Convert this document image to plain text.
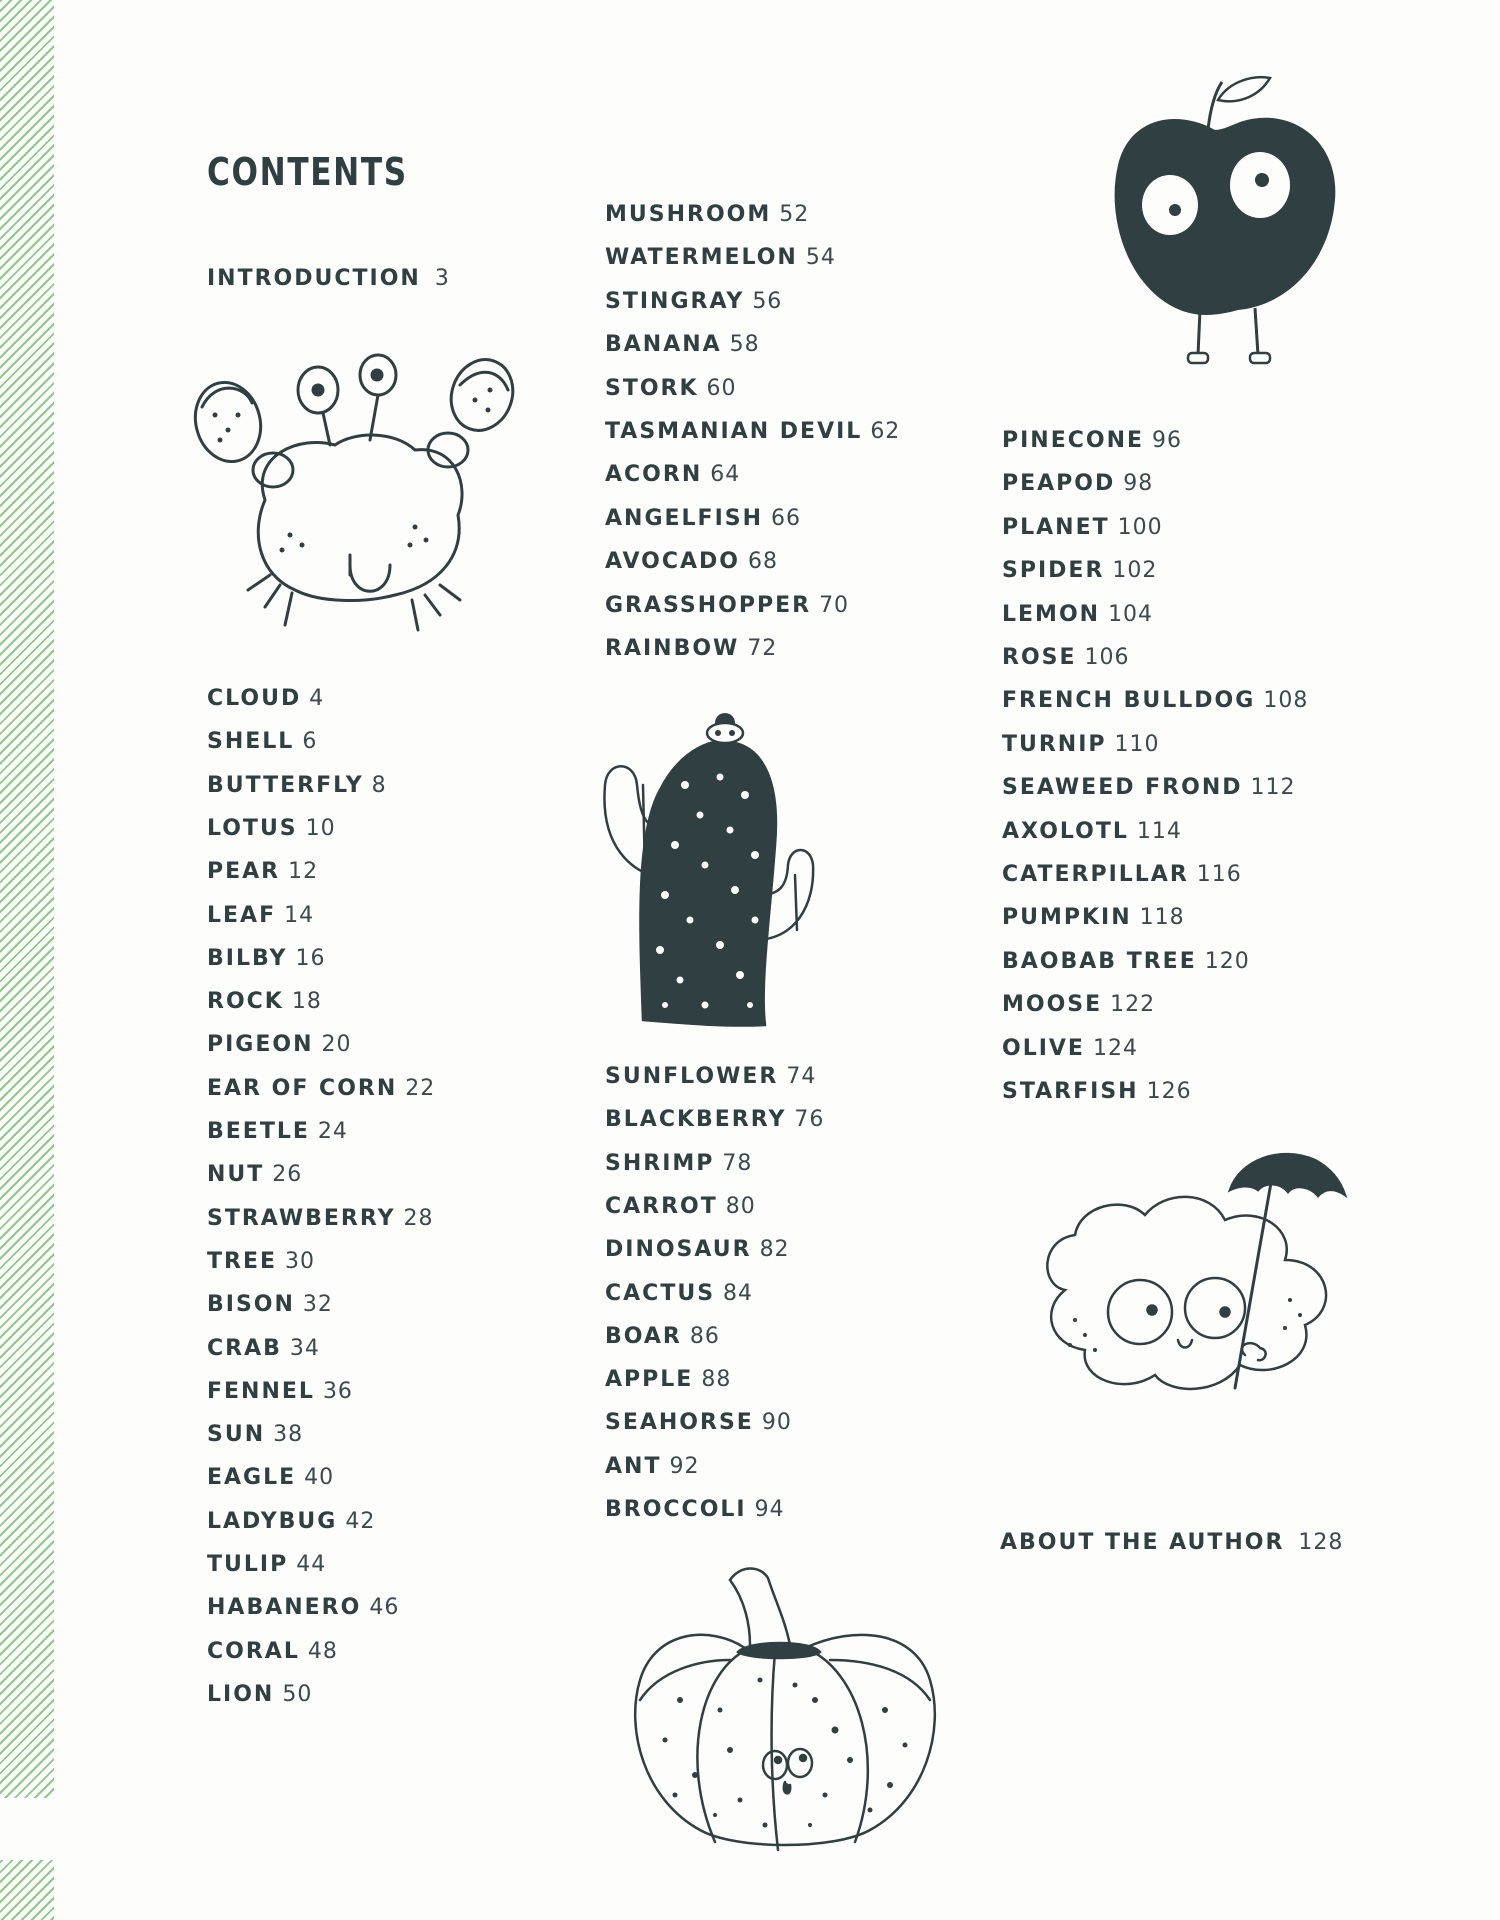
CONTENTS
INTRODUCTION 3
CLOUD 4
SHELL 6
BUTTERFLY 8
LOTUS 10
PEAR 12
LEAF 14
BILBY 16
ROCK 18
PIGEON 20
EAR OF CORN 22
BEETLE 24
NUT 26
STRAWBERRY 28
TREE 30
BISON 32
CRAB 34
FENNEL 36
SUN 38
EAGLE 40
LADYBUG 42
TULIP 44
HABANERO 46
CORAL 48
LION 50
MUSHROOM 52
WATERMELON 54
STINGRAY 56
BANANA 58
STORK 60
TASMANIAN DEVIL 62
ACORN 64
ANGELFISH 66
AVOCADO 68
GRASSHOPPER 70
RAINBOW 72
SUNFLOWER 74
BLACKBERRY 76
SHRIMP 78
CARROT 80
DINOSAUR 82
CACTUS 84
BOAR 86
APPLE 88
SEAHORSE 90
ANT 92
BROCCOLI 94
PINECONE 96
PEAPOD 98
PLANET 100
SPIDER 102
LEMON 104
ROSE 106
FRENCH BULLDOG 108
TURNIP 110
SEAWEED FROND 112
AXOLOTL 114
CATERPILLAR 116
PUMPKIN 118
BAOBAB TREE 120
MOOSE 122
OLIVE 124
STARFISH 126
ABOUT THE AUTHOR 128
